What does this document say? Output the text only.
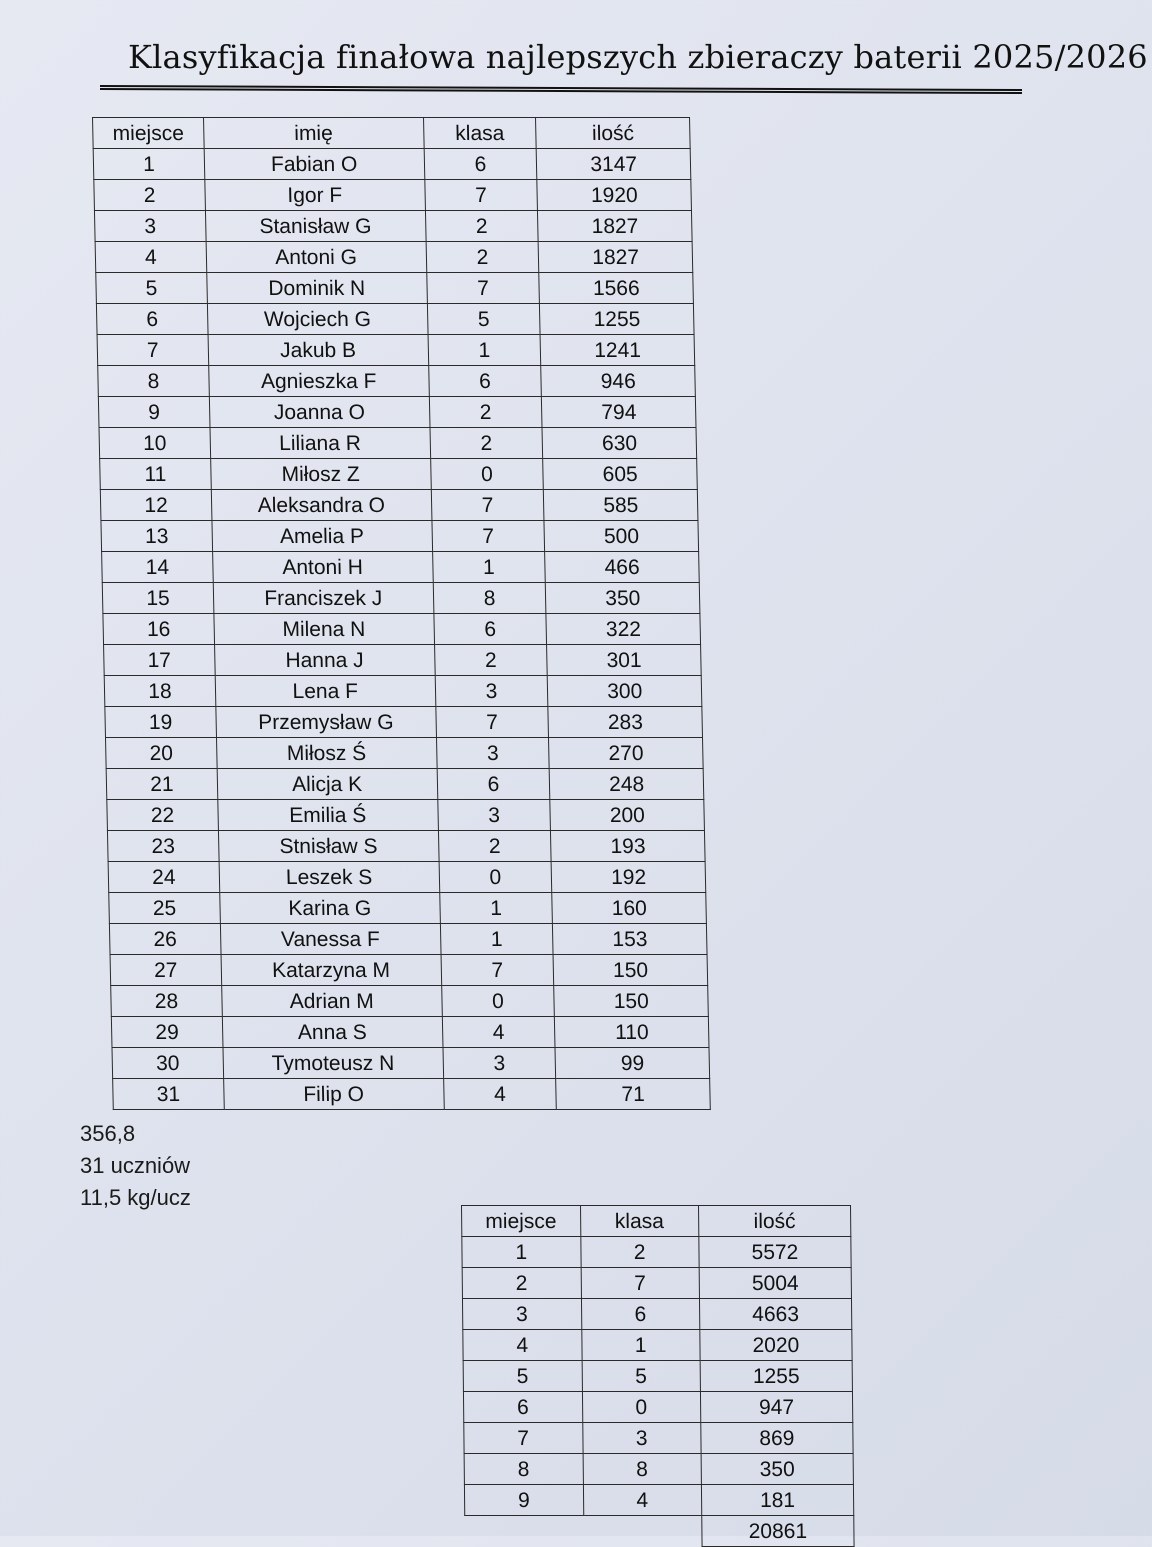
Klasyfikacja finałowa najlepszych zbieraczy baterii 2025/2026
miejsce	imię	klasa	ilość
1	Fabian O	6	3147
2	Igor F	7	1920
3	Stanisław G	2	1827
4	Antoni G	2	1827
5	Dominik N	7	1566
6	Wojciech G	5	1255
7	Jakub B	1	1241
8	Agnieszka F	6	946
9	Joanna O	2	794
10	Liliana R	2	630
11	Miłosz Z	0	605
12	Aleksandra O	7	585
13	Amelia P	7	500
14	Antoni H	1	466
15	Franciszek J	8	350
16	Milena N	6	322
17	Hanna J	2	301
18	Lena F	3	300
19	Przemysław G	7	283
20	Miłosz Ś	3	270
21	Alicja K	6	248
22	Emilia Ś	3	200
23	Stnisław S	2	193
24	Leszek S	0	192
25	Karina G	1	160
26	Vanessa F	1	153
27	Katarzyna M	7	150
28	Adrian M	0	150
29	Anna S	4	110
30	Tymoteusz N	3	99
31	Filip O	4	71
356,8
31 uczniów
11,5 kg/ucz
miejsce	klasa	ilość
1	2	5572
2	7	5004
3	6	4663
4	1	2020
5	5	1255
6	0	947
7	3	869
8	8	350
9	4	181
		20861
